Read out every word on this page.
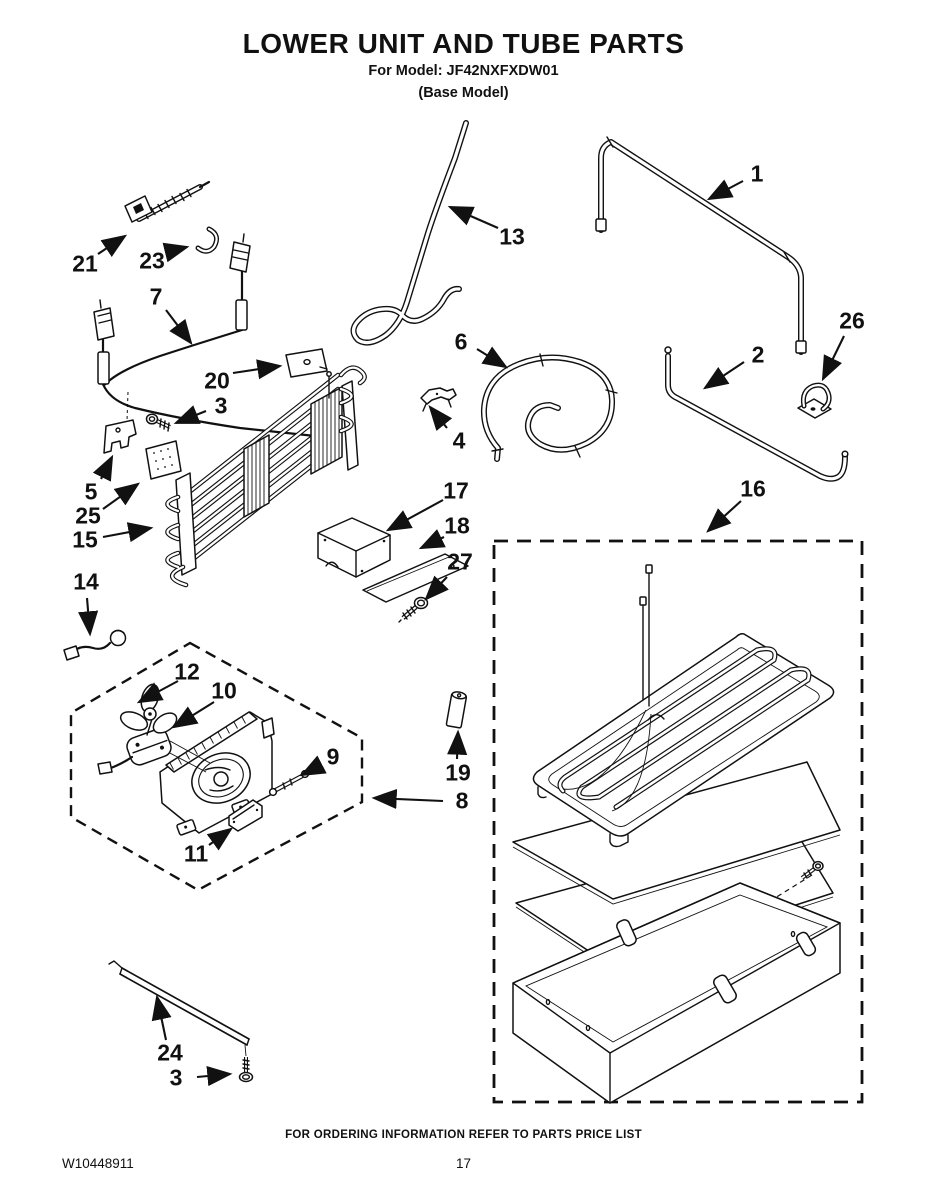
LOWER UNIT AND TUBE PARTS
For Model: JF42NXFXDW01
(Base Model)
1
2
3
3
4
5
6
7
8
9
10
11
12
13
14
15
16
17
18
19
20
21 23
24
25
26
27
FOR ORDERING INFORMATION REFER TO PARTS PRICE LIST
W10448911	17
